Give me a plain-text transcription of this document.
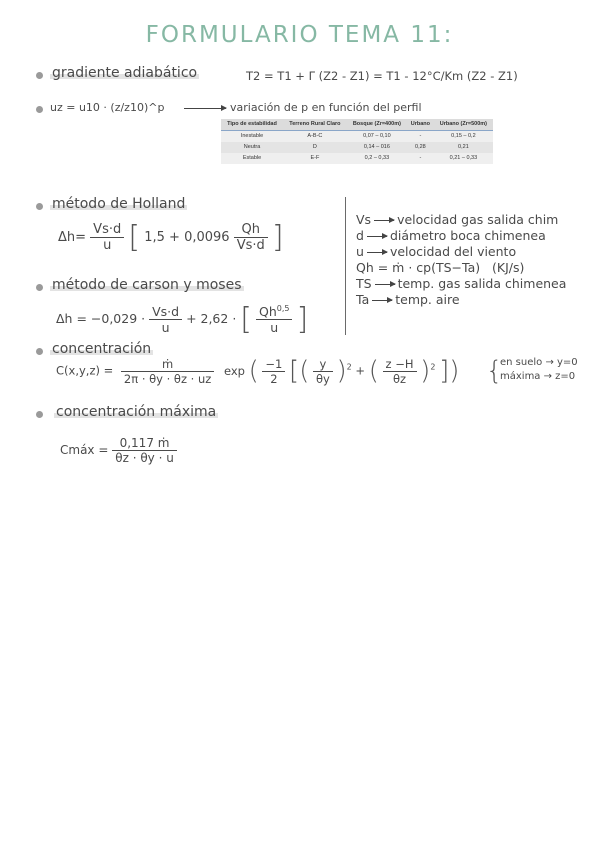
FORMULARIO TEMA 11:
gradiente adiabático	T2 = T1 + Γ (Z2 - Z1) = T1 - 12°C/Km (Z2 - Z1)
uz = u10 · (z/z10)^p	variación de p en función del perfil
Tipo de estabilidad	Terreno Rural Claro	Bosque (Zr=400m)	Urbano	Urbano (Zr=500m)
Inestable	A-B-C	0,07 – 0,10	-	0,15 – 0,2
Neutra	D	0,14 – 016	0,28	0,21
Estable	E-F	0,2 – 0,33	-	0,21 – 0,33
método de Holland
$\Delta h= \frac{Vs\cdot d}{u}$ [ $1,5 + 0,0096 \frac{Qh}{Vs\cdot d}$ ]
método de carson y moses
$\Delta h = -0,029 \cdot \frac{Vs\cdot d}{u} + 2,62$ · [ $\frac{Qh^{0,5}}{u}$ ]
Vs velocidad gas salida chim
d diámetro boca chimenea
u velocidad del viento
Qh = ṁ · cp(TS−Ta) (KJ/s)
TS temp. gas salida chimenea
Ta temp. aire
concentración
$C(x,y,z) = \frac{\text{ṁ}}{2\pi \cdot \theta y \cdot \theta z \cdot uz}$ exp ( $\frac{-1}{2}$ [( $\frac{y}{\theta y} )^2$ + ( $\frac{z -H}{\theta z} )^2$ ]) {
en suelo → y=0
máxima → z=0
concentración máxima
Cmáx = $\frac{\text{0,117 ṁ}}{\theta z \cdot \theta y \cdot u}$
